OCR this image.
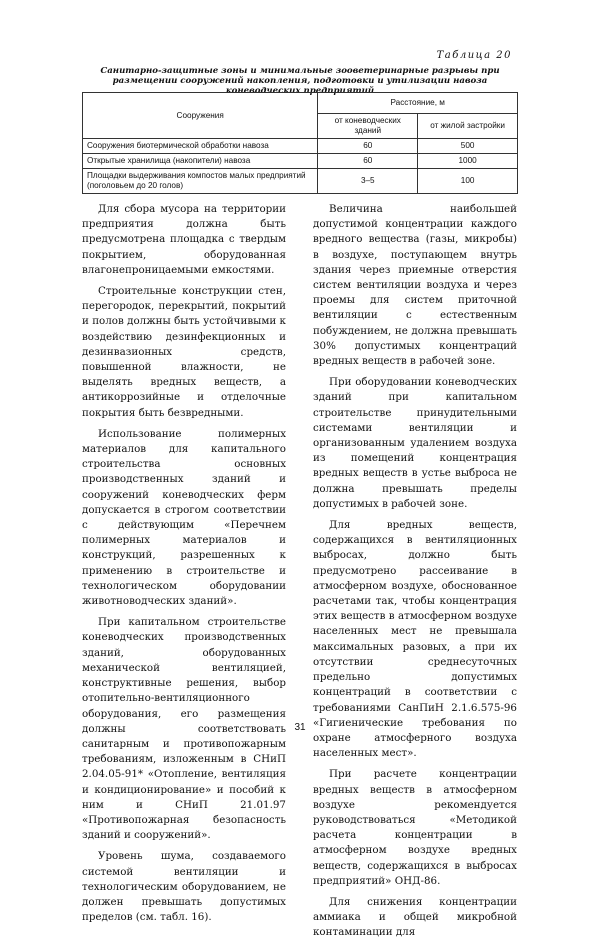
Таблица 20
Санитарно-защитные зоны и минимальные зооветеринарные разрывы при размещении сооружений накопления, подготовки и утилизации навоза коневодческих предприятий
Сооружения	Расстояние, м	
	от коневодческих зданий	от жилой застройки
Сооружения биотермической обработки навоза	60	500
Открытые хранилища (накопители) навоза	60	1000
Площадки выдерживания компостов малых предприятий (поголовьем до 20 голов)	3–5	100

Для сбора мусора на территории предприятия должна быть предусмотрена площадка с твердым покрытием, оборудованная влагонепроницаемыми емкостями.

Строительные конструкции стен, перегородок, перекрытий, покрытий и полов должны быть устойчивыми к воздействию дезинфекционных и дезинвазионных средств, повышенной влажности, не выделять вредных веществ, а антикоррозийные и отделочные покрытия быть безвредными.

Использование полимерных материалов для капитального строительства основных производственных зданий и сооружений коневодческих ферм допускается в строгом соответствии с действующим «Перечнем полимерных материалов и конструкций, разрешенных к применению в строительстве и технологическом оборудовании животноводческих зданий».

При капитальном строительстве коневодческих производственных зданий, оборудованных механической вентиляцией, конструктивные решения, выбор отопительно-вентиляционного оборудования, его размещения должны соответствовать санитарным и противопожарным требованиям, изложенным в СНиП 2.04.05-91* «Отопление, вентиляция и кондиционирование» и пособий к ним и СНиП 21.01.97 «Противопожарная безопасность зданий и сооружений».

Уровень шума, создаваемого системой вентиляции и технологическим оборудованием, не должен превышать допустимых пределов (см. табл. 16).

Величина наибольшей допустимой концентрации каждого вредного вещества (газы, микробы) в воздухе, поступающем внутрь здания через приемные отверстия систем вентиляции воздуха и через проемы для систем приточной вентиляции с естественным побуждением, не должна превышать 30% допустимых концентраций вредных веществ в рабочей зоне.

При оборудовании коневодческих зданий при капитальном строительстве принудительными системами вентиляции и организованным удалением воздуха из помещений концентрация вредных веществ в устье выброса не должна превышать пределы допустимых в рабочей зоне.

Для вредных веществ, содержащихся в вентиляционных выбросах, должно быть предусмотрено рассеивание в атмосферном воздухе, обоснованное расчетами так, чтобы концентрация этих веществ в атмосферном воздухе населенных мест не превышала максимальных разовых, а при их отсутствии среднесуточных предельно допустимых концентраций в соответствии с требованиями СанПиН 2.1.6.575-96 «Гигиенические требования по охране атмосферного воздуха населенных мест».

При расчете концентрации вредных веществ в атмосферном воздухе рекомендуется руководствоваться «Методикой расчета концентрации в атмосферном воздухе вредных веществ, содержащихся в выбросах предприятий» ОНД-86.

Для снижения концентрации аммиака и общей микробной контаминации для

31
